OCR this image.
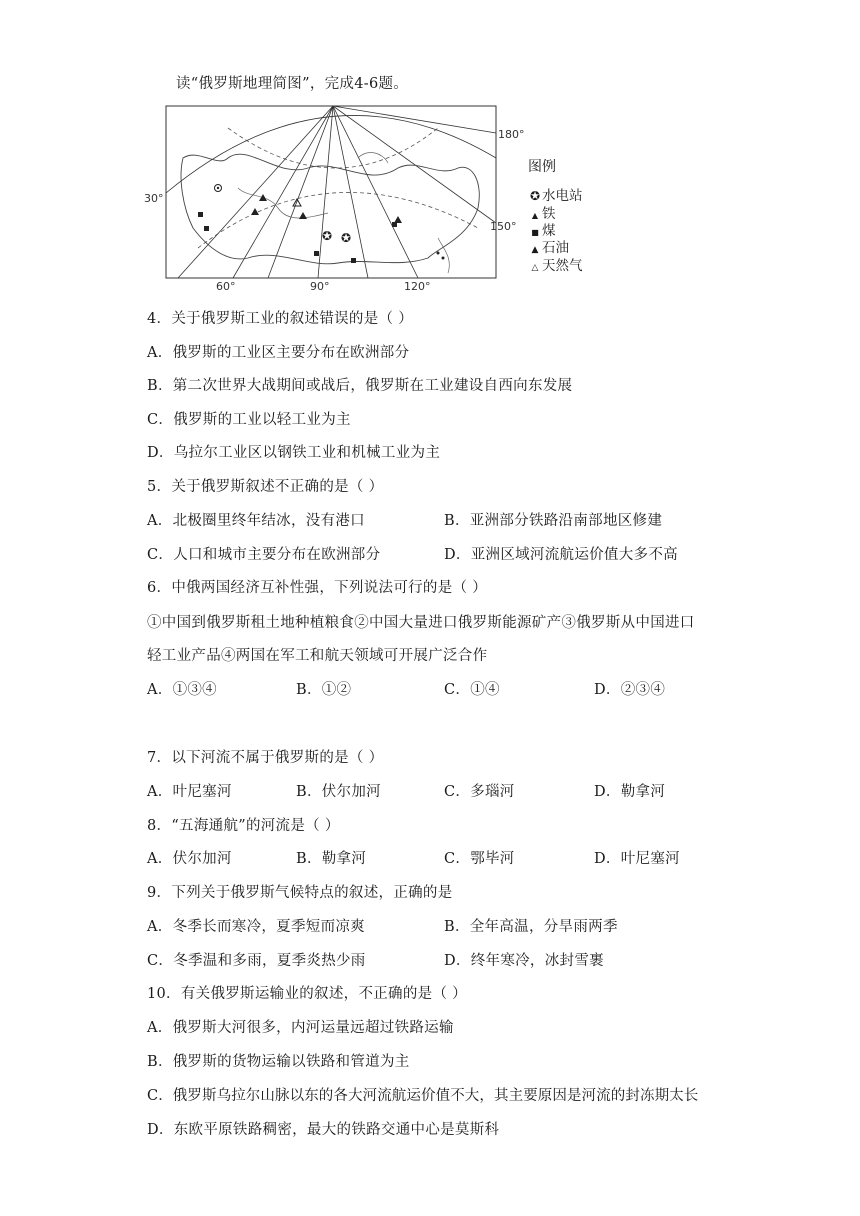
读“俄罗斯地理简图”，完成4-6题。
✪ ✪
180°
150°
30°
60°	90°	120°
图例
✪ 水电站
▲ 铁
■ 煤
▲ 石油
△ 天然气
4．关于俄罗斯工业的叙述错误的是（ ）
A．俄罗斯的工业区主要分布在欧洲部分
B．第二次世界大战期间或战后，俄罗斯在工业建设自西向东发展
C．俄罗斯的工业以轻工业为主
D．乌拉尔工业区以钢铁工业和机械工业为主
5．关于俄罗斯叙述不正确的是（ ）
A．北极圈里终年结冰，没有港口	B．亚洲部分铁路沿南部地区修建
C．人口和城市主要分布在欧洲部分	D．亚洲区域河流航运价值大多不高
6．中俄两国经济互补性强，下列说法可行的是（ ）
①中国到俄罗斯租土地种植粮食②中国大量进口俄罗斯能源矿产③俄罗斯从中国进口
轻工业产品④两国在军工和航天领域可开展广泛合作
A．①③④	B．①②	C．①④	D．②③④
7．以下河流不属于俄罗斯的是（ ）
A．叶尼塞河	B．伏尔加河	C．多瑙河	D．勒拿河
8．“五海通航”的河流是（ ）
A．伏尔加河	B．勒拿河	C．鄂毕河	D．叶尼塞河
9．下列关于俄罗斯气候特点的叙述，正确的是
A．冬季长而寒冷，夏季短而凉爽	B．全年高温，分旱雨两季
C．冬季温和多雨，夏季炎热少雨	D．终年寒冷，冰封雪裹
10．有关俄罗斯运输业的叙述，不正确的是（ ）
A．俄罗斯大河很多，内河运量远超过铁路运输
B．俄罗斯的货物运输以铁路和管道为主
C．俄罗斯乌拉尔山脉以东的各大河流航运价值不大，其主要原因是河流的封冻期太长
D．东欧平原铁路稠密，最大的铁路交通中心是莫斯科
